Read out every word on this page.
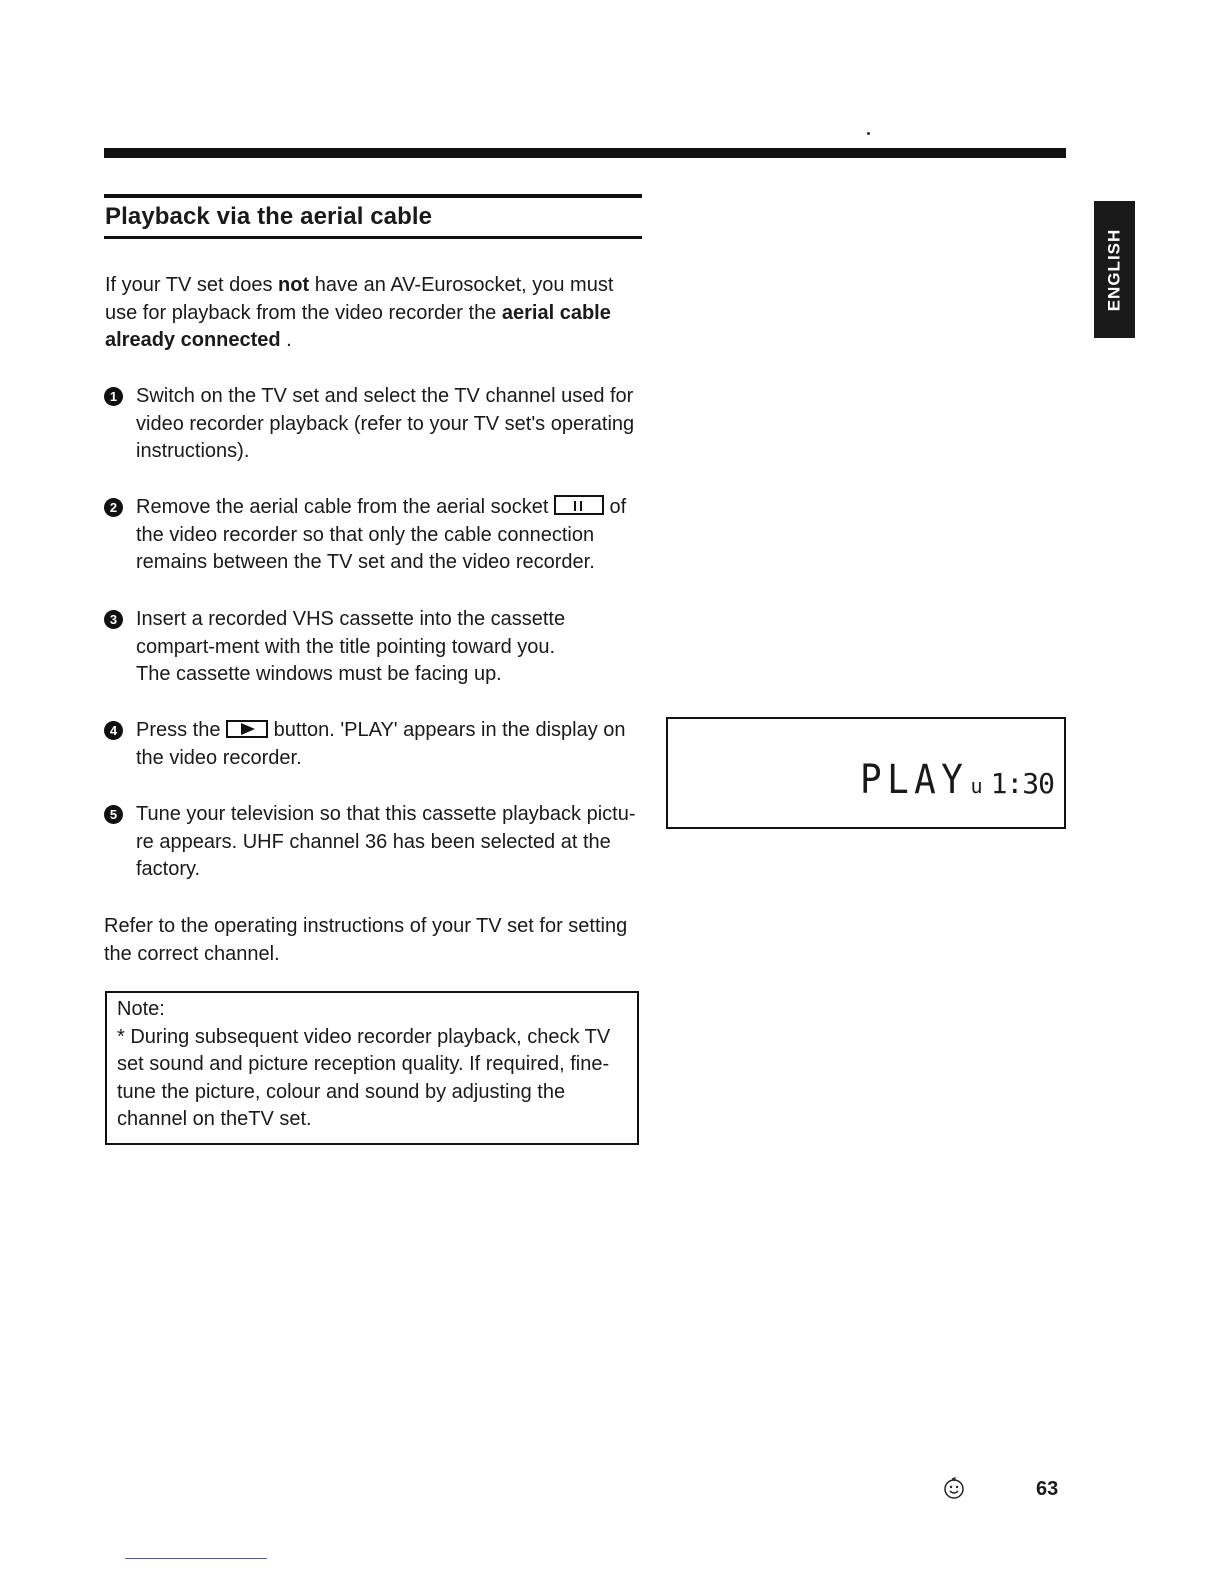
Playback via the aerial cable
ENGLISH

If your TV set does not have an AV-Eurosocket, you must use for playback from the video recorder the aerial cable already connected .

1 Switch on the TV set and select the TV channel used for video recorder playback (refer to your TV set's operating instructions).
2 Remove the aerial cable from the aerial socket	of the video recorder so that only the cable connection remains between the TV set and the video recorder.
3 Insert a recorded VHS cassette into the cassette compart-ment with the title pointing toward you.
The cassette windows must be facing up.
4 Press the  button. 'PLAY' appears in the display on the video recorder.
5 Tune your television so that this cassette playback pictu-re appears. UHF channel 36 has been selected at the factory.

Refer to the operating instructions of your TV set for setting the correct channel.

Note:
* During subsequent video recorder playback, check TV set sound and picture reception quality. If required, fine-tune the picture, colour and sound by adjusting the channel on theTV set.
PLAY u 1:30
63
